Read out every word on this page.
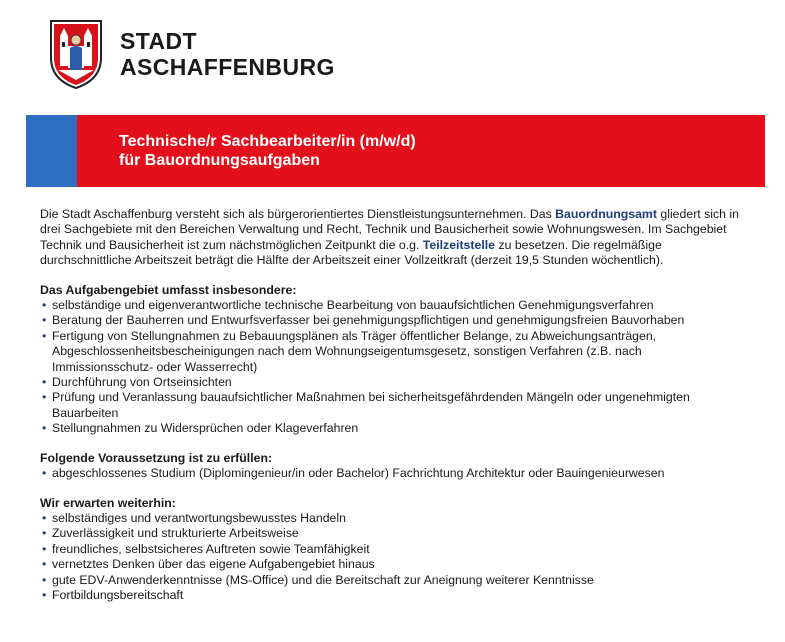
STADT
ASCHAFFENBURG
Technische/r Sachbearbeiter/in (m/w/d)
für Bauordnungsaufgaben

Die Stadt Aschaffenburg versteht sich als bürgerorientiertes Dienstleistungsunternehmen. Das Bauordnungsamt gliedert sich in drei Sachgebiete mit den Bereichen Verwaltung und Recht, Technik und Bausicherheit sowie Wohnungswesen. Im Sachgebiet Technik und Bausicherheit ist zum nächstmöglichen Zeitpunkt die o.g. Teilzeitstelle zu besetzen. Die regelmäßige durchschnittliche Arbeitszeit beträgt die Hälfte der Arbeitszeit einer Vollzeitkraft (derzeit 19,5 Stunden wöchentlich).

Das Aufgabengebiet umfasst insbesondere:
• selbständige und eigenverantwortliche technische Bearbeitung von bauaufsichtlichen Genehmigungsverfahren
• Beratung der Bauherren und Entwurfsverfasser bei genehmigungspflichtigen und genehmigungsfreien Bauvorhaben
• Fertigung von Stellungnahmen zu Bebauungsplänen als Träger öffentlicher Belange, zu Abweichungsanträgen, Abgeschlossenheitsbescheinigungen nach dem Wohnungseigentumsgesetz, sonstigen Verfahren (z.B. nach Immissionsschutz- oder Wasserrecht)
• Durchführung von Ortseinsichten
• Prüfung und Veranlassung bauaufsichtlicher Maßnahmen bei sicherheitsgefährdenden Mängeln oder ungenehmigten Bauarbeiten
• Stellungnahmen zu Widersprüchen oder Klageverfahren
Folgende Voraussetzung ist zu erfüllen:
• abgeschlossenes Studium (Diplomingenieur/in oder Bachelor) Fachrichtung Architektur oder Bauingenieurwesen
Wir erwarten weiterhin:
• selbständiges und verantwortungsbewusstes Handeln
• Zuverlässigkeit und strukturierte Arbeitsweise
• freundliches, selbstsicheres Auftreten sowie Teamfähigkeit
• vernetztes Denken über das eigene Aufgabengebiet hinaus
• gute EDV-Anwenderkenntnisse (MS-Office) und die Bereitschaft zur Aneignung weiterer Kenntnisse
• Fortbildungsbereitschaft
